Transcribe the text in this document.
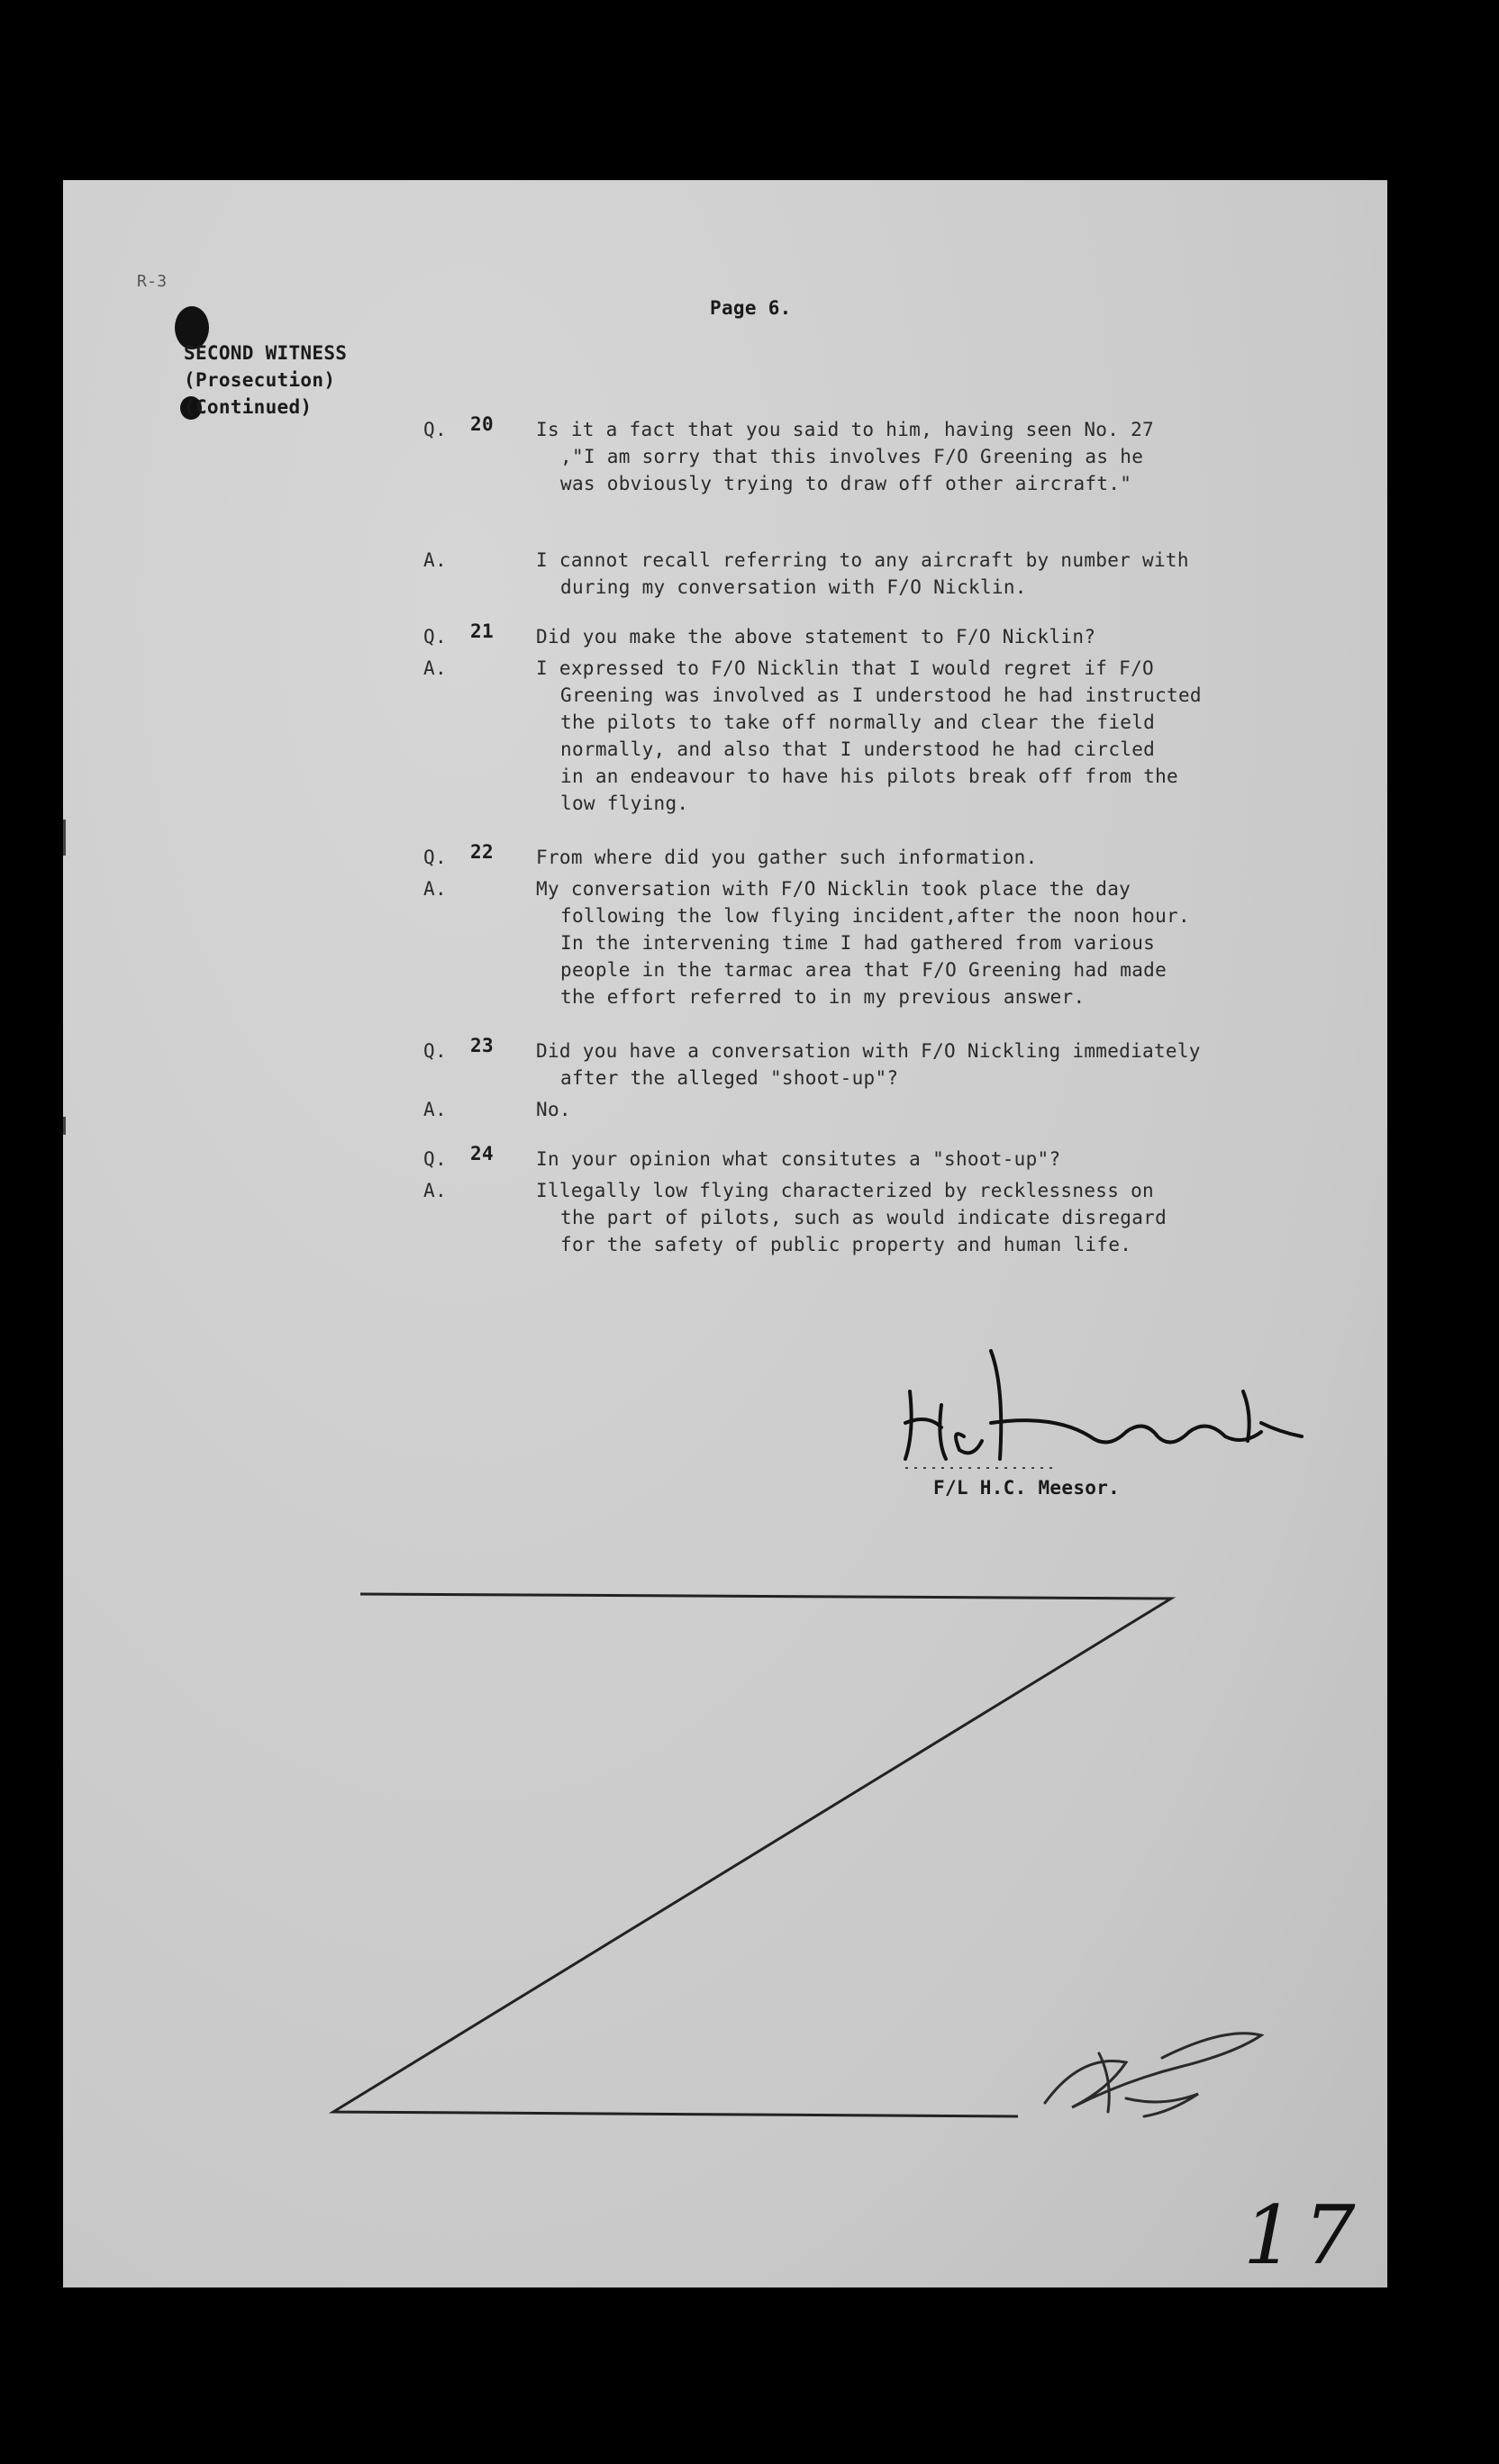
R-3
Page 6.
SECOND WITNESS
(Prosecution)
(Continued)
Q. 20 Is it a fact that you said to him, having seen No. 27
,"I am sorry that this involves F/O Greening as he
was obviously trying to draw off other aircraft."
A.	I cannot recall referring to any aircraft by number with
during my conversation with F/O Nicklin.
Q. 21 Did you make the above statement to F/O Nicklin?
A.	I expressed to F/O Nicklin that I would regret if F/O
Greening was involved as I understood he had instructed
the pilots to take off normally and clear the field
normally, and also that I understood he had circled
in an endeavour to have his pilots break off from the
low flying.
Q. 22 From where did you gather such information.
A.	My conversation with F/O Nicklin took place the day
following the low flying incident,after the noon hour.
In the intervening time I had gathered from various
people in the tarmac area that F/O Greening had made
the effort referred to in my previous answer.
Q. 23 Did you have a conversation with F/O Nickling immediately
after the alleged "shoot-up"?
A.	No.
Q. 24 In your opinion what consitutes a "shoot-up"?
A.	Illegally low flying characterized by recklessness on
the part of pilots, such as would indicate disregard
for the safety of public property and human life.
F/L H.C. Meesor.
17
